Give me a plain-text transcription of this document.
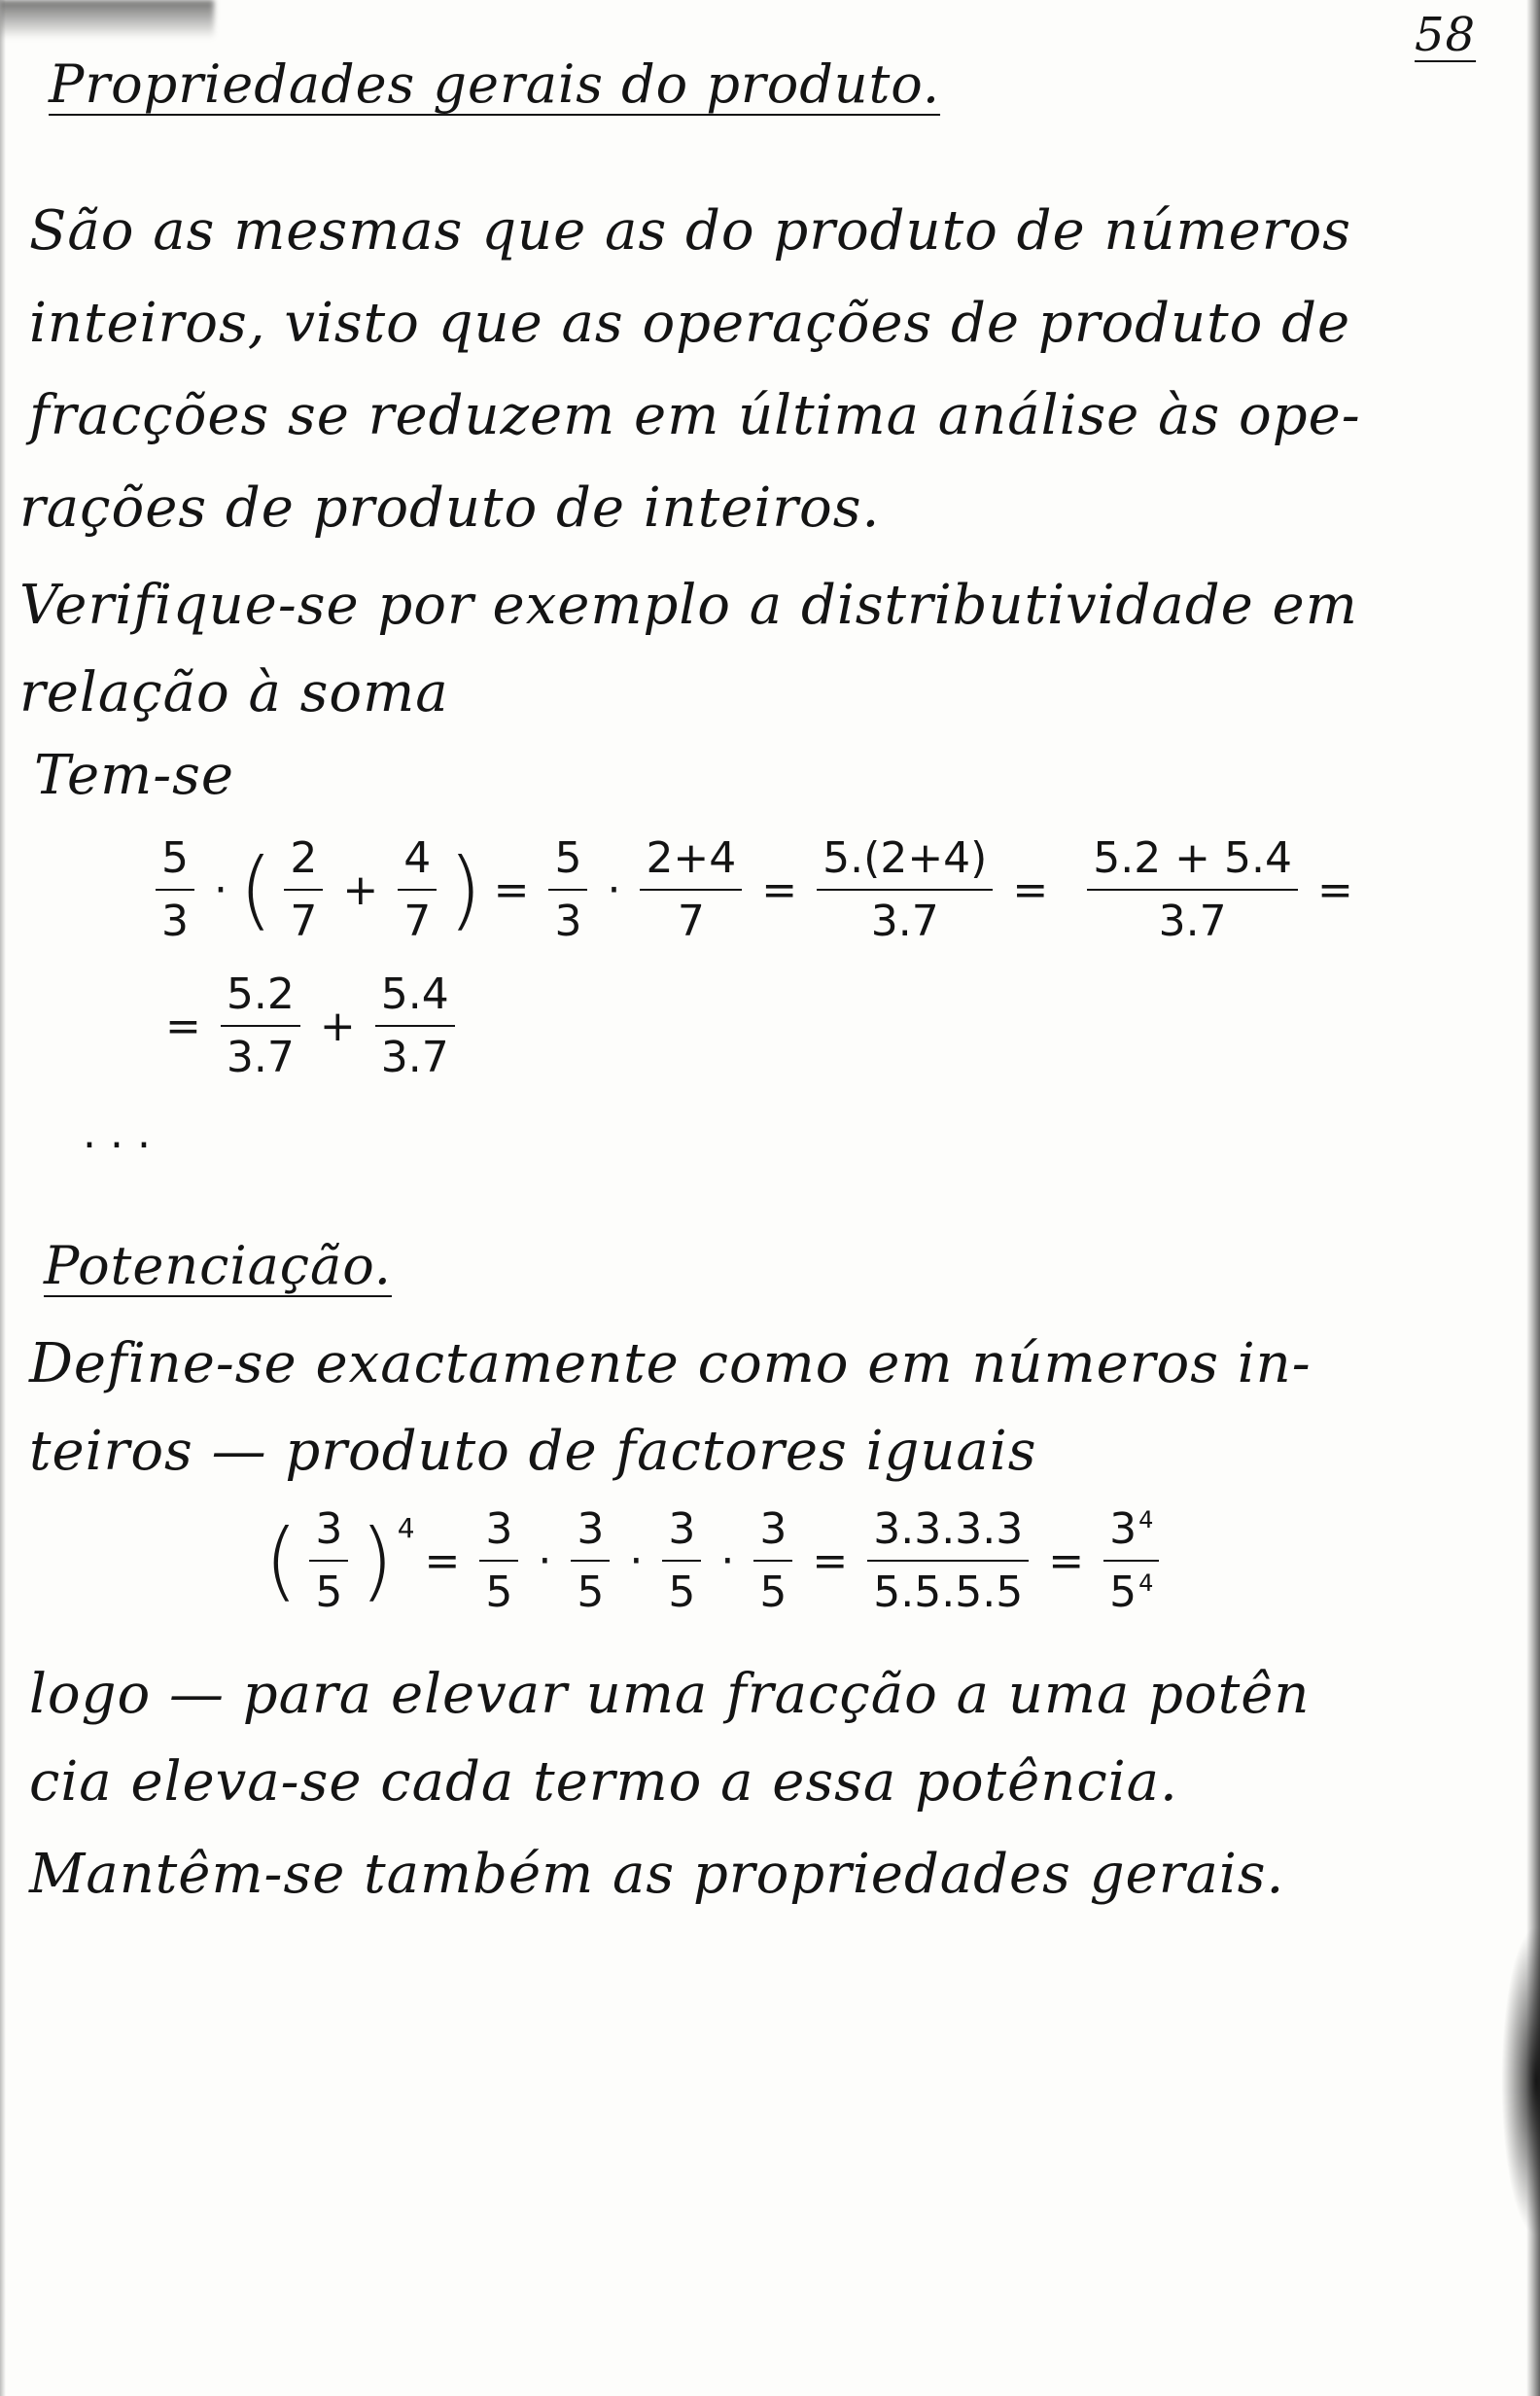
58
Propriedades gerais do produto.
São as mesmas que as do produto de números
inteiros, visto que as operações de produto de
fracções se reduzem em última análise às ope-
rações de produto de inteiros.
Verifique-se por exemplo a distributividade em
relação à soma
Tem-se
$\frac{5}{3}$ · ( $\frac{2}{7} + \frac{4}{7}$ ) = $\frac{5}{3} \cdot \frac{2+4}{7} = \frac{5.(2+4)}{3.7} = \frac{5.2 + 5.4}{3.7}$ =
= $\frac{5.2}{3.7} + \frac{5.4}{3.7}$
...
Potenciação.
Define-se exactamente como em números in-
teiros — produto de factores iguais
( $\frac{3}{5}$ ) 4
= $\frac{3}{5} \cdot \frac{3}{5} \cdot \frac{3}{5} \cdot \frac{3}{5} = \frac{3.3.3.3}{5.5.5.5} = \frac{3^4}{5^4}$
logo — para elevar uma fracção a uma potên
cia eleva-se cada termo a essa potência.
Mantêm-se também as propriedades gerais.
